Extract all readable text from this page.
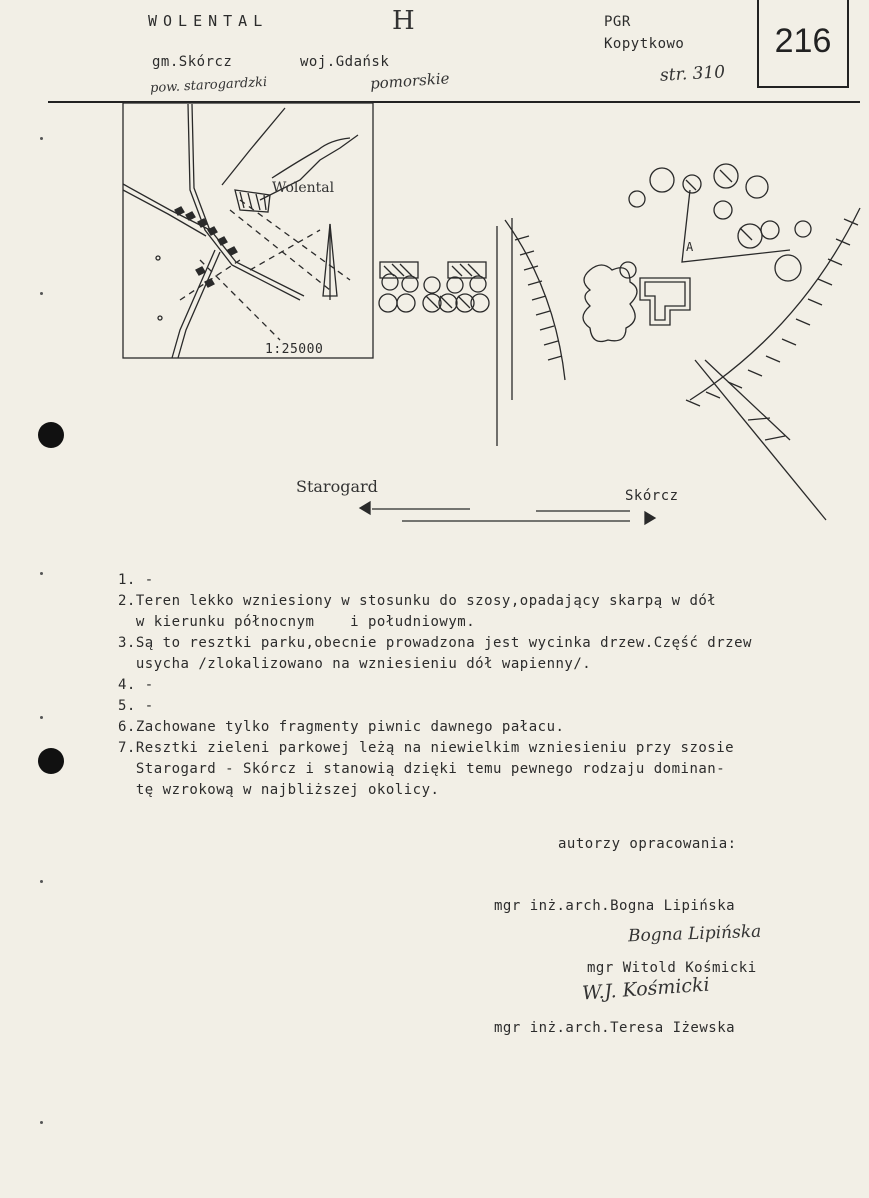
WOLENTAL	H
gm.Skórcz	woj.Gdańsk
pow. starogardzki	pomorskie
PGR
Kopytkowo
str. 310
216
Wolental
1:25000
A
Starogard	Skórcz
1. -
2.Teren lekko wzniesiony w stosunku do szosy,opadający skarpą w dół
w kierunku północnym    i południowym.
3.Są to resztki parku,obecnie prowadzona jest wycinka drzew.Część drzew
usycha /zlokalizowano na wzniesieniu dół wapienny/.
4. -
5. -
6.Zachowane tylko fragmenty piwnic dawnego pałacu.
7.Resztki zieleni parkowej leżą na niewielkim wzniesieniu przy szosie
Starogard - Skórcz i stanowią dzięki temu pewnego rodzaju dominan-
tę wzrokową w najbliższej okolicy.
autorzy opracowania:
mgr inż.arch.Bogna Lipińska
Bogna Lipińska
mgr Witold Kośmicki
W.J. Kośmicki
mgr inż.arch.Teresa Iżewska
